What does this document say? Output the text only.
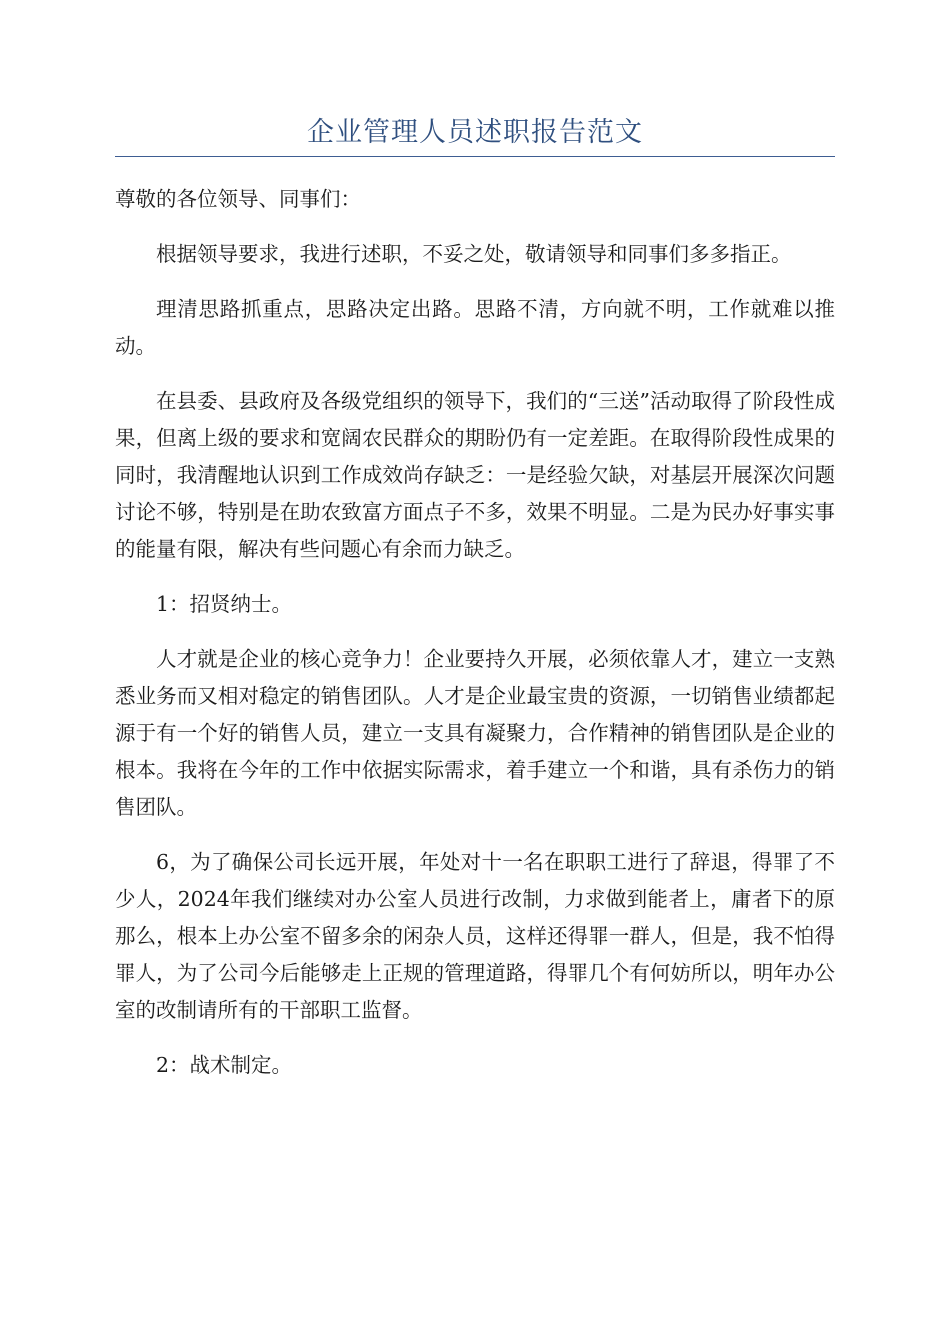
企业管理人员述职报告范文

尊敬的各位领导、同事们：

根据领导要求，我进行述职，不妥之处，敬请领导和同事们多多指正。

理清思路抓重点，思路决定出路。思路不清，方向就不明，工作就难以推动。

在县委、县政府及各级党组织的领导下，我们的“三送”活动取得了阶段性成果，但离上级的要求和宽阔农民群众的期盼仍有一定差距。在取得阶段性成果的同时，我清醒地认识到工作成效尚存缺乏：一是经验欠缺，对基层开展深次问题讨论不够，特别是在助农致富方面点子不多，效果不明显。二是为民办好事实事的能量有限，解决有些问题心有余而力缺乏。

1：招贤纳士。

人才就是企业的核心竞争力！企业要持久开展，必须依靠人才，建立一支熟悉业务而又相对稳定的销售团队。人才是企业最宝贵的资源，一切销售业绩都起源于有一个好的销售人员，建立一支具有凝聚力，合作精神的销售团队是企业的根本。我将在今年的工作中依据实际需求，着手建立一个和谐，具有杀伤力的销售团队。

6，为了确保公司长远开展，年处对十一名在职职工进行了辞退，得罪了不少人，2024年我们继续对办公室人员进行改制，力求做到能者上，庸者下的原那么，根本上办公室不留多余的闲杂人员，这样还得罪一群人，但是，我不怕得罪人，为了公司今后能够走上正规的管理道路，得罪几个有何妨所以，明年办公室的改制请所有的干部职工监督。

2：战术制定。
